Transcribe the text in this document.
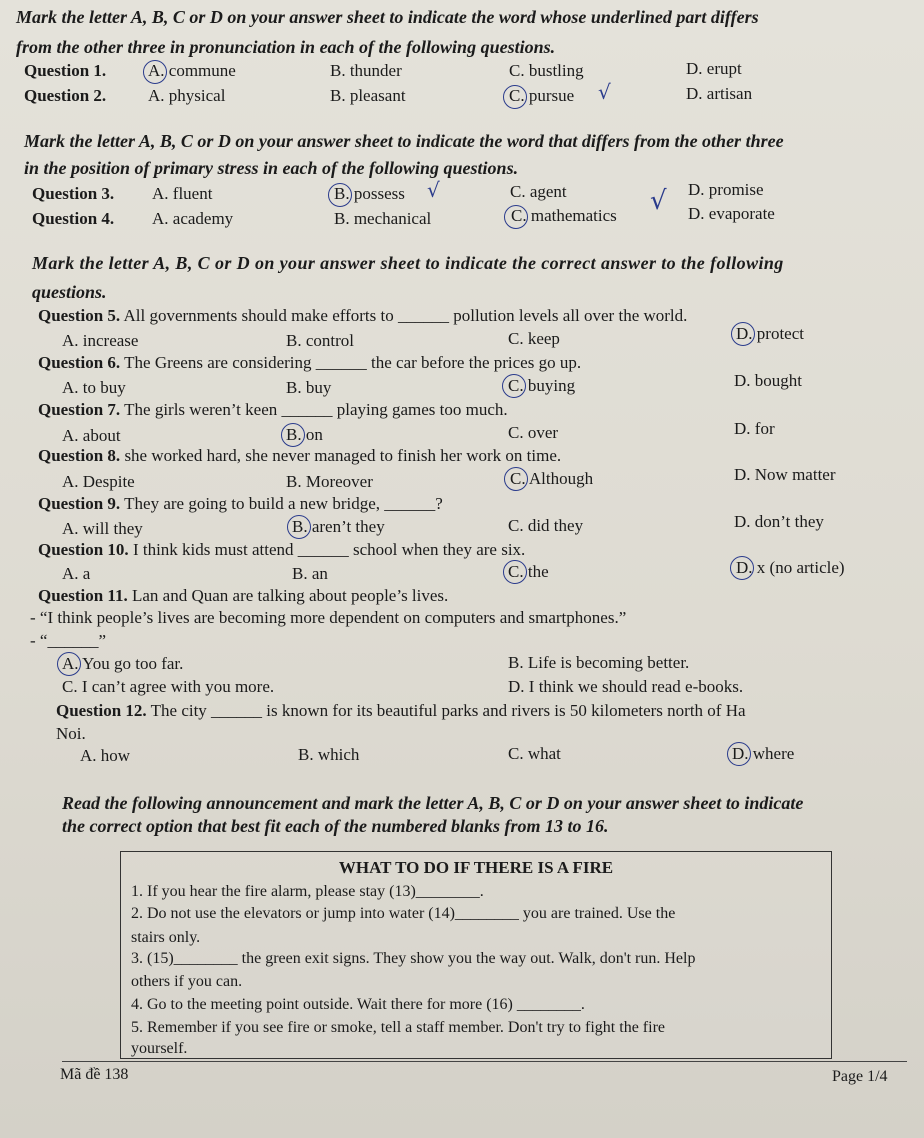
Mark the letter A, B, C or D on your answer sheet to indicate the word whose underlined part differs
from the other three in pronunciation in each of the following questions.
Question 1. A. commune	B. thunder	C. bustling	D. erupt
Question 2. A. physical	B. pleasant	C. pursue √	D. artisan
Mark the letter A, B, C or D on your answer sheet to indicate the word that differs from the other three
in the position of primary stress in each of the following questions.
Question 3. A. fluent	B. possess √	C. agent	D. promise
√
Question 4. A. academy	B. mechanical	C. mathematics	D. evaporate
Mark the letter A, B, C or D on your answer sheet to indicate the correct answer to the following
questions.
Question 5. All governments should make efforts to ______ pollution levels all over the world.
A. increase	B. control	C. keep	D. protect
Question 6. The Greens are considering ______ the car before the prices go up.
A. to buy	B. buy	C. buying	D. bought
Question 7. The girls weren’t keen ______ playing games too much.
A. about	B. on	C. over	D. for
Question 8. she worked hard, she never managed to finish her work on time.
A. Despite	B. Moreover	C. Although	D. Now matter
Question 9. They are going to build a new bridge, ______?
A. will they	B. aren’t they	C. did they	D. don’t they
Question 10. I think kids must attend ______ school when they are six.
A. a	B. an	C. the	D. x (no article)
Question 11. Lan and Quan are talking about people’s lives.
- “I think people’s lives are becoming more dependent on computers and smartphones.”
- “______”
A. You go too far.	B. Life is becoming better.
C. I can’t agree with you more.	D. I think we should read e-books.
Question 12. The city ______ is known for its beautiful parks and rivers is 50 kilometers north of Ha
Noi.
A. how	B. which	C. what	D. where
Read the following announcement and mark the letter A, B, C or D on your answer sheet to indicate
the correct option that best fit each of the numbered blanks from 13 to 16.
WHAT TO DO IF THERE IS A FIRE
1. If you hear the fire alarm, please stay (13)________.
2. Do not use the elevators or jump into water (14)________ you are trained. Use the
stairs only.
3. (15)________ the green exit signs. They show you the way out. Walk, don't run. Help
others if you can.
4. Go to the meeting point outside. Wait there for more (16) ________.
5. Remember if you see fire or smoke, tell a staff member. Don't try to fight the fire
yourself.
Mã đề 138	Page 1/4
